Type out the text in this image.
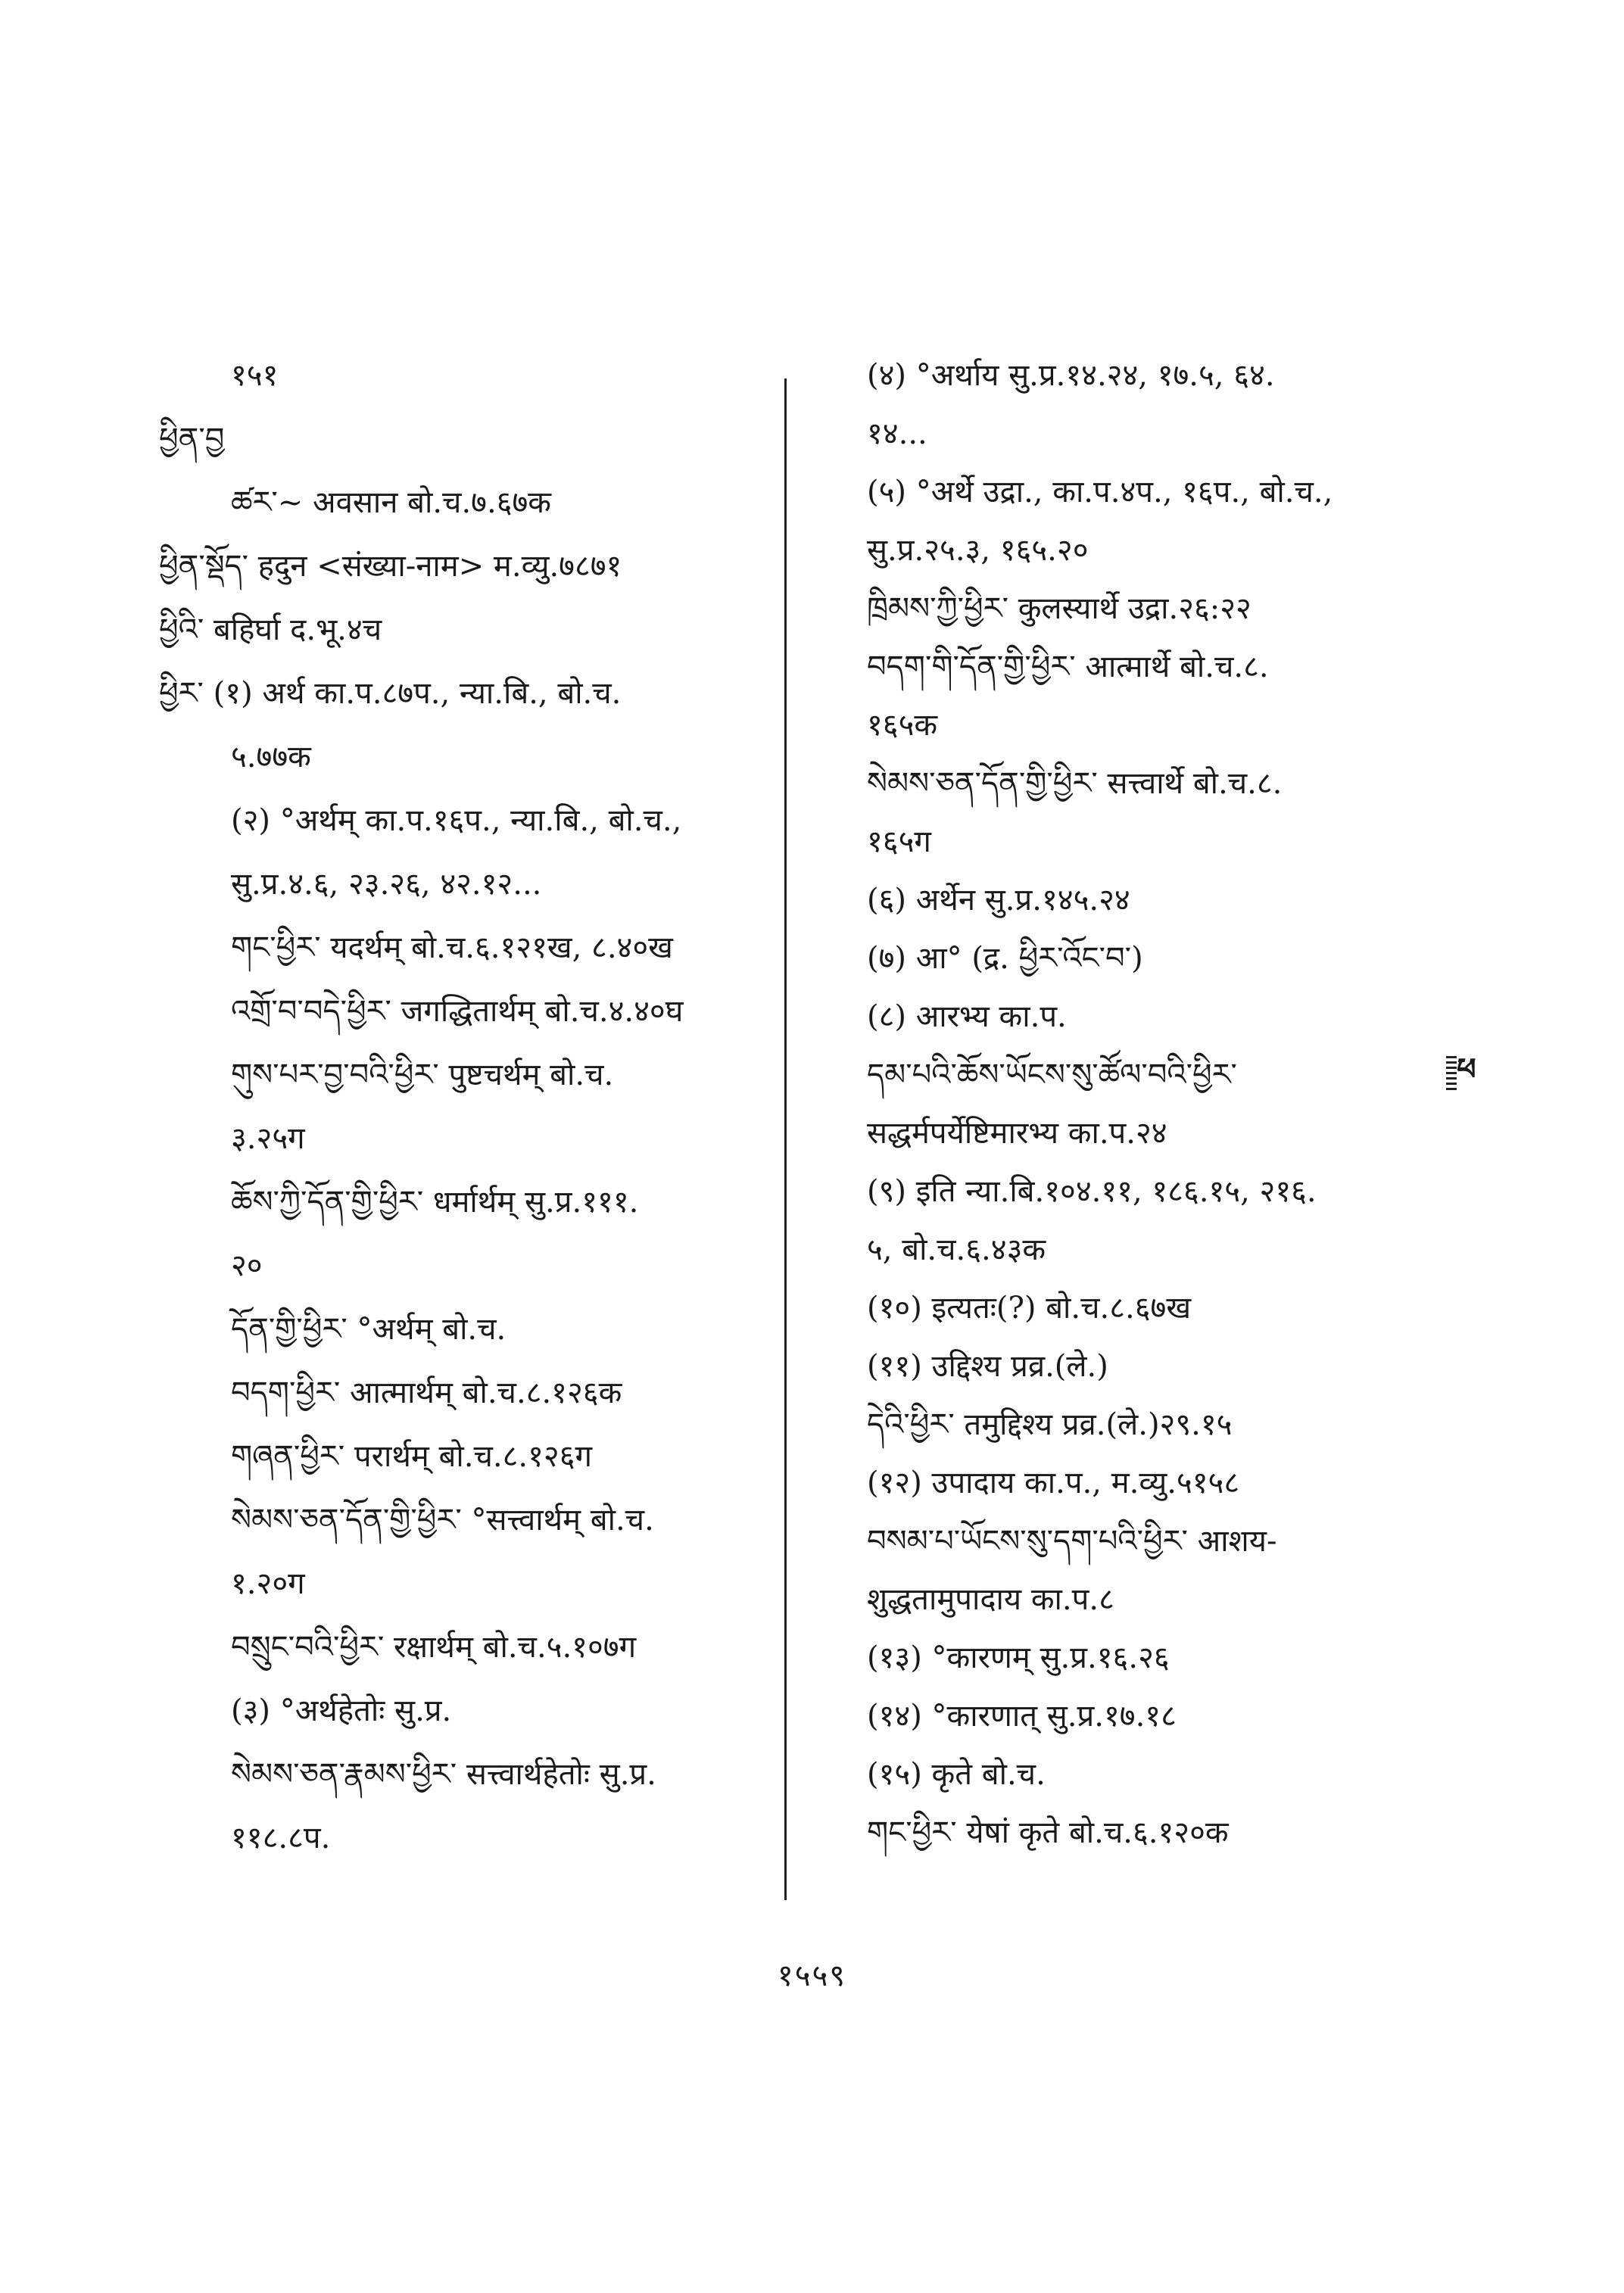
१५१
ཕྱིན་བྱ
ཚར་~ अवसान बो.च.७.६७क
ཕྱིན་སྡོད་ हदुन <संख्या-नाम> म.व्यु.७८७१
ཕྱིའི་ बहिर्घा द.भू.४च
ཕྱིར་ (१) अर्थ का.प.८७प., न्या.बि., बो.च.
५.७७क
(२) °अर्थम् का.प.१६प., न्या.बि., बो.च.,
सु.प्र.४.६, २३.२६, ४२.१२...
གང་ཕྱིར་ यदर्थम् बो.च.६.१२१ख, ८.४०ख
འགྲོ་བ་བདེ་ཕྱིར་ जगद्धितार्थम् बो.च.४.४०घ
གུས་པར་བྱ་བའི་ཕྱིར་ पुष्टचर्थम् बो.च.
३.२५ग
ཆོས་ཀྱི་དོན་གྱི་ཕྱིར་ धर्मार्थम् सु.प्र.१११.
२०
དོན་གྱི་ཕྱིར་ °अर्थम् बो.च.
བདག་ཕྱིར་ आत्मार्थम् बो.च.८.१२६क
གཞན་ཕྱིར་ परार्थम् बो.च.८.१२६ग
སེམས་ཅན་དོན་གྱི་ཕྱིར་ °सत्त्वार्थम् बो.च.
१.२०ग
བསྲུང་བའི་ཕྱིར་ रक्षार्थम् बो.च.५.१०७ग
(३) °अर्थहेतोः सु.प्र.
སེམས་ཅན་རྣམས་ཕྱིར་ सत्त्वार्थहेतोः सु.प्र.
११८.८प.
(४) °अर्थाय सु.प्र.१४.२४, १७.५, ६४.
१४...
(५) °अर्थे उद्रा., का.प.४प., १६प., बो.च.,
सु.प्र.२५.३, १६५.२०
ཁྲིམས་ཀྱི་ཕྱིར་ कुलस्यार्थे उद्रा.२६:२२
བདག་གི་དོན་གྱི་ཕྱིར་ आत्मार्थे बो.च.८.
१६५क
སེམས་ཅན་དོན་གྱི་ཕྱིར་ सत्त्वार्थे बो.च.८.
१६५ग
(६) अर्थेन सु.प्र.१४५.२४
(७) आ° (द्र. ཕྱིར་འོང་བ་)
(८) आरभ्य का.प.
དམ་པའི་ཆོས་ཡོངས་སུ་ཚོལ་བའི་ཕྱིར་
सद्धर्मपर्येष्टिमारभ्य का.प.२४
(९) इति न्या.बि.१०४.११, १८६.१५, २१६.
५, बो.च.६.४३क
(१०) इत्यतः(?) बो.च.८.६७ख
(११) उद्दिश्य प्रव्र.(ले.)
དེའི་ཕྱིར་ तमुद्दिश्य प्रव्र.(ले.)२९.१५
(१२) उपादाय का.प., म.व्यु.५१५८
བསམ་པ་ཡོངས་སུ་དག་པའི་ཕྱིར་ आशय-
शुद्धतामुपादाय का.प.८
(१३) °कारणम् सु.प्र.१६.२६
(१४) °कारणात् सु.प्र.१७.१८
(१५) कृते बो.च.
གང་ཕྱིར་ येषां कृते बो.च.६.१२०क
ཕ
१५५९
